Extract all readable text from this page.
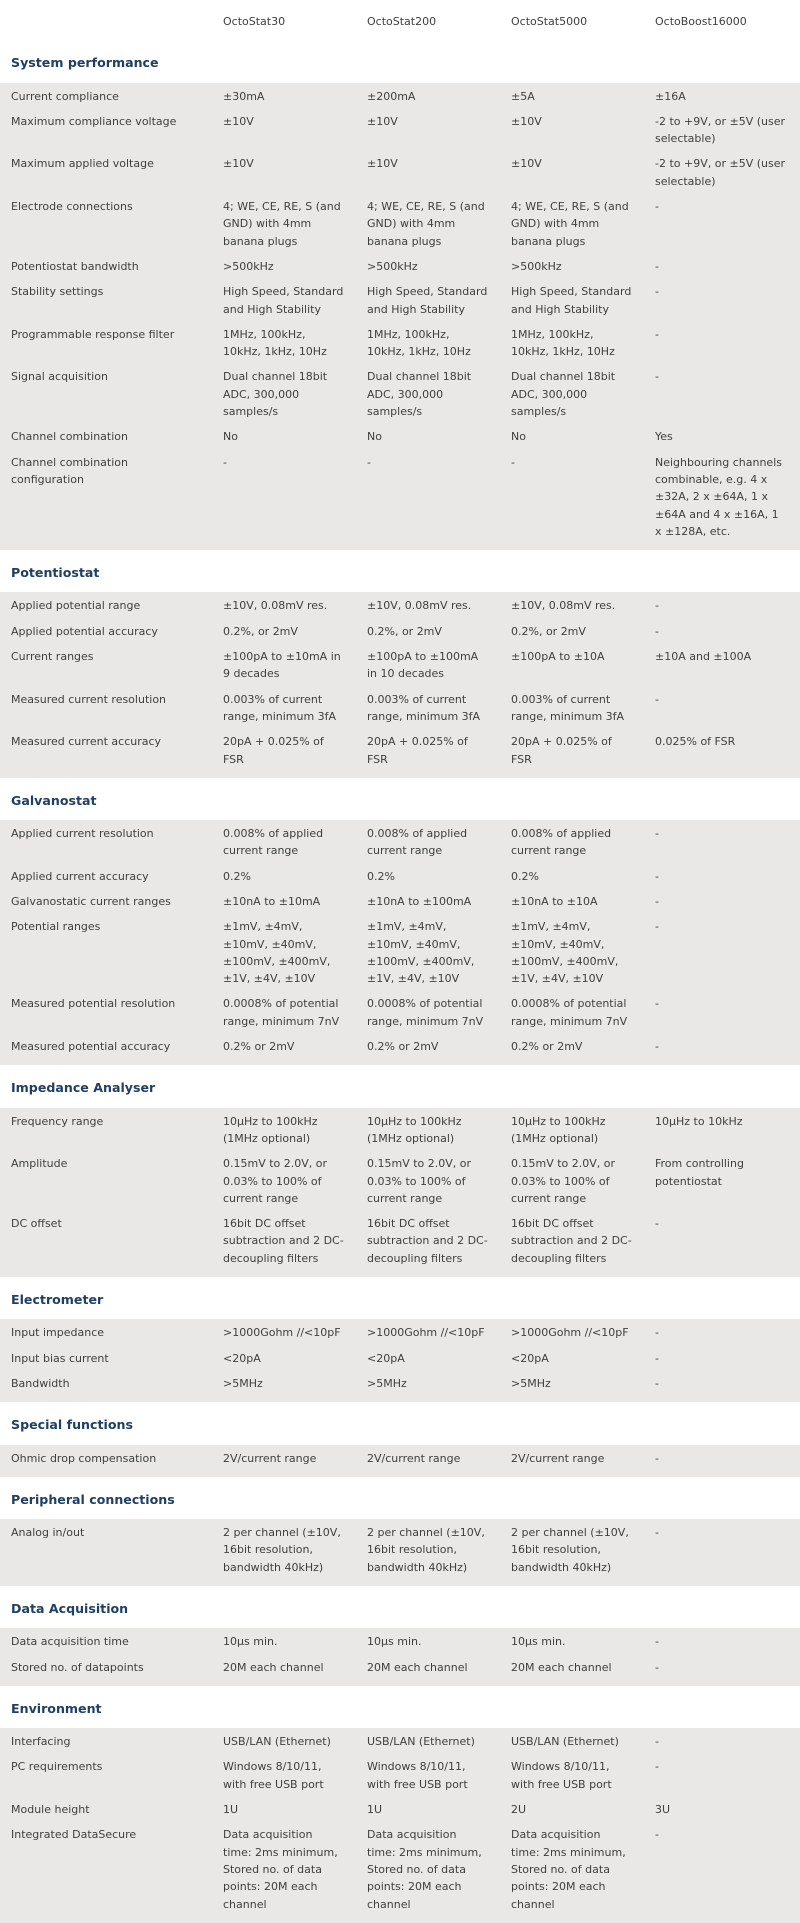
	OctoStat30	OctoStat200	OctoStat5000	OctoBoost16000
System performance				
Current compliance	±30mA	±200mA	±5A	±16A
Maximum compliance voltage	±10V	±10V	±10V	-2 to +9V, or ±5V (user selectable)
Maximum applied voltage	±10V	±10V	±10V	-2 to +9V, or ±5V (user selectable)
Electrode connections	4; WE, CE, RE, S (and GND) with 4mm banana plugs	4; WE, CE, RE, S (and GND) with 4mm banana plugs	4; WE, CE, RE, S (and GND) with 4mm banana plugs	-
Potentiostat bandwidth	>500kHz	>500kHz	>500kHz	-
Stability settings	High Speed, Standard and High Stability	High Speed, Standard and High Stability	High Speed, Standard and High Stability	-
Programmable response filter	1MHz, 100kHz, 10kHz, 1kHz, 10Hz	1MHz, 100kHz, 10kHz, 1kHz, 10Hz	1MHz, 100kHz, 10kHz, 1kHz, 10Hz	-
Signal acquisition	Dual channel 18bit ADC, 300,000 samples/s	Dual channel 18bit ADC, 300,000 samples/s	Dual channel 18bit ADC, 300,000 samples/s	-
Channel combination	No	No	No	Yes
Channel combination configuration	-	-	-	Neighbouring channels combinable, e.g. 4 x ±32A, 2 x ±64A, 1 x ±64A and 4 x ±16A, 1 x ±128A, etc.

Potentiostat				
Applied potential range	±10V, 0.08mV res.	±10V, 0.08mV res.	±10V, 0.08mV res.	-
Applied potential accuracy	0.2%, or 2mV	0.2%, or 2mV	0.2%, or 2mV	-
Current ranges	±100pA to ±10mA in 9 decades	±100pA to ±100mA in 10 decades	±100pA to ±10A	±10A and ±100A
Measured current resolution	0.003% of current range, minimum 3fA	0.003% of current range, minimum 3fA	0.003% of current range, minimum 3fA	-
Measured current accuracy	20pA + 0.025% of FSR	20pA + 0.025% of FSR	20pA + 0.025% of FSR	0.025% of FSR

Galvanostat				
Applied current resolution	0.008% of applied current range	0.008% of applied current range	0.008% of applied current range	-
Applied current accuracy	0.2%	0.2%	0.2%	-
Galvanostatic current ranges	±10nA to ±10mA	±10nA to ±100mA	±10nA to ±10A	-
Potential ranges	±1mV, ±4mV, ±10mV, ±40mV, ±100mV, ±400mV, ±1V, ±4V, ±10V	±1mV, ±4mV, ±10mV, ±40mV, ±100mV, ±400mV, ±1V, ±4V, ±10V	±1mV, ±4mV, ±10mV, ±40mV, ±100mV, ±400mV, ±1V, ±4V, ±10V	-
Measured potential resolution	0.0008% of potential range, minimum 7nV	0.0008% of potential range, minimum 7nV	0.0008% of potential range, minimum 7nV	-
Measured potential accuracy	0.2% or 2mV	0.2% or 2mV	0.2% or 2mV	-

Impedance Analyser				
Frequency range	10µHz to 100kHz (1MHz optional)	10µHz to 100kHz (1MHz optional)	10µHz to 100kHz (1MHz optional)	10µHz to 10kHz
Amplitude	0.15mV to 2.0V, or 0.03% to 100% of current range	0.15mV to 2.0V, or 0.03% to 100% of current range	0.15mV to 2.0V, or 0.03% to 100% of current range	From controlling potentiostat
DC offset	16bit DC offset subtraction and 2 DC-decoupling filters	16bit DC offset subtraction and 2 DC-decoupling filters	16bit DC offset subtraction and 2 DC-decoupling filters	-

Electrometer				
Input impedance	>1000Gohm //<10pF	>1000Gohm //<10pF	>1000Gohm //<10pF	-
Input bias current	<20pA	<20pA	<20pA	-
Bandwidth	>5MHz	>5MHz	>5MHz	-

Special functions				
Ohmic drop compensation	2V/current range	2V/current range	2V/current range	-

Peripheral connections				
Analog in/out	2 per channel (±10V, 16bit resolution, bandwidth 40kHz)	2 per channel (±10V, 16bit resolution, bandwidth 40kHz)	2 per channel (±10V, 16bit resolution, bandwidth 40kHz)	-

Data Acquisition				
Data acquisition time	10µs min.	10µs min.	10µs min.	-
Stored no. of datapoints	20M each channel	20M each channel	20M each channel	-

Environment				
Interfacing	USB/LAN (Ethernet)	USB/LAN (Ethernet)	USB/LAN (Ethernet)	-
PC requirements	Windows 8/10/11, with free USB port	Windows 8/10/11, with free USB port	Windows 8/10/11, with free USB port	-
Module height	1U	1U	2U	3U
Integrated DataSecure	Data acquisition time: 2ms minimum, Stored no. of data points: 20M each channel	Data acquisition time: 2ms minimum, Stored no. of data points: 20M each channel	Data acquisition time: 2ms minimum, Stored no. of data points: 20M each channel	-
